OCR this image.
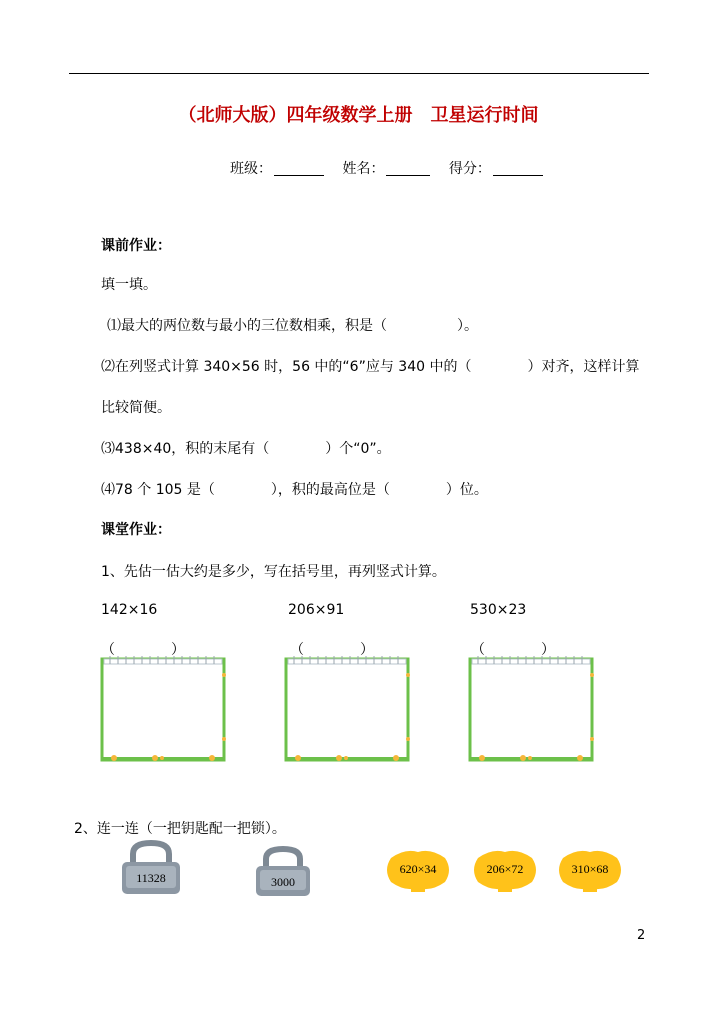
（北师大版）四年级数学上册　卫星运行时间
班级：	姓名：	得分：
课前作业：
填一填。
⑴最大的两位数与最小的三位数相乘，积是（　　　　　）。
⑵在列竖式计算 340×56 时，56 中的“6”应与 340 中的（　　　　）对齐，这样计算
比较简便。
⑶438×40，积的末尾有（　　　　）个“0”。
⑷78 个 105 是（　　　　），积的最高位是（　　　　）位。
课堂作业：
1、先估一估大约是多少，写在括号里，再列竖式计算。
142×16	206×91	530×23
（　　　　）	（　　　　）	（　　　　）
2、连一连（一把钥匙配一把锁）。
11328	3000
620×34	206×72	310×68
2
